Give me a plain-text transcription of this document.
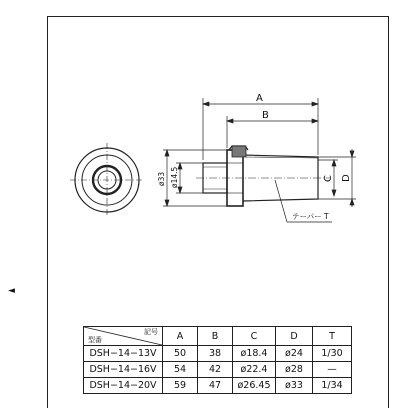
A
B
C D
ø33 ø14.5
テーパー T
◄
記号
型番	A	B	C	D	T
DSH−14−13V	50	38	ø18.4	ø24	1/30
DSH−14−16V	54	42	ø22.4	ø28	—
DSH−14−20V	59	47	ø26.45	ø33	1/34
